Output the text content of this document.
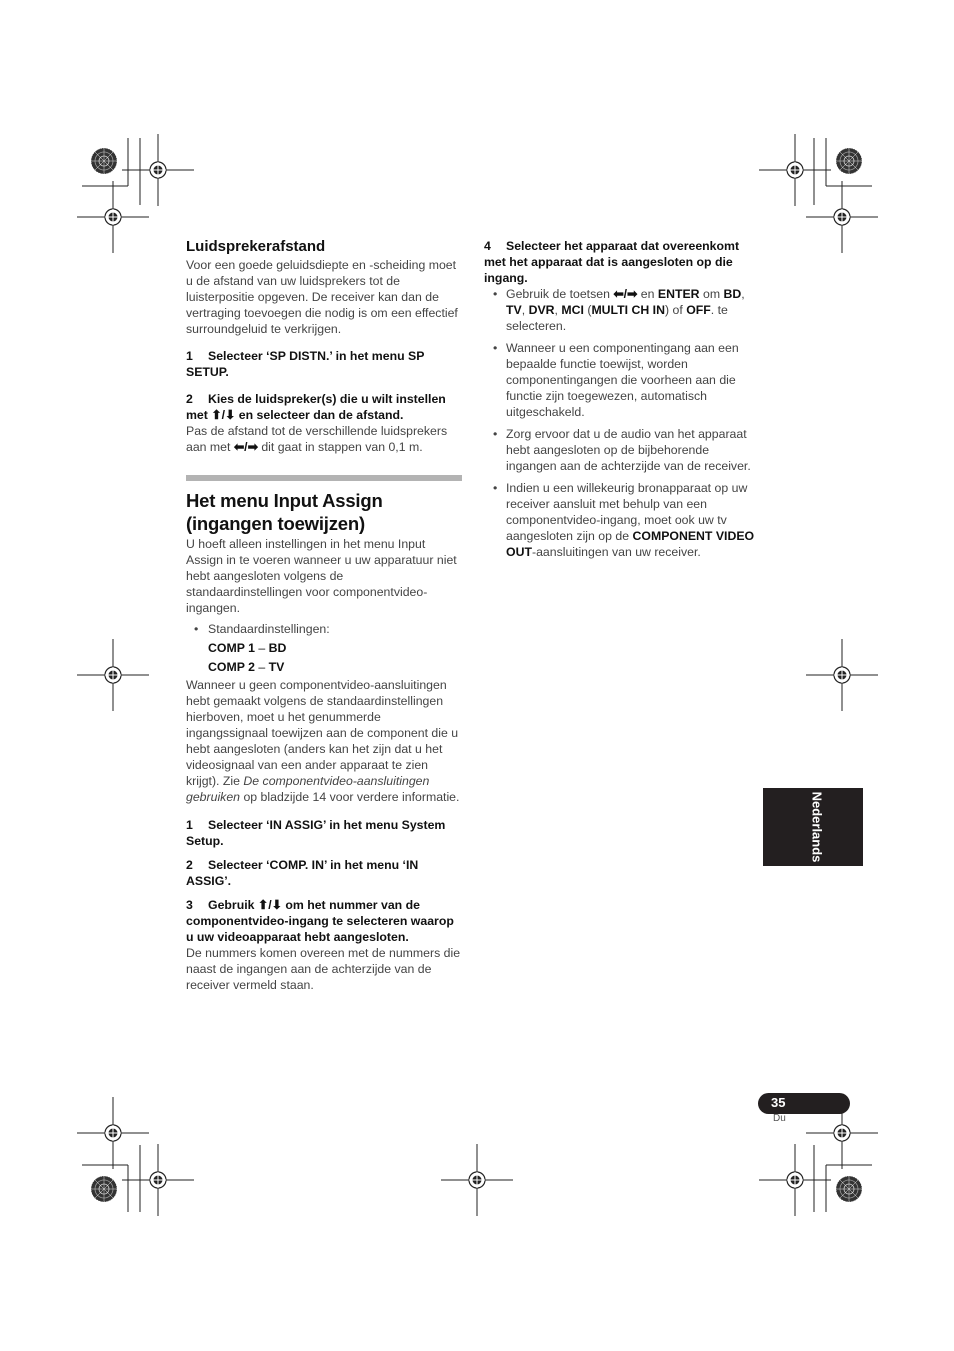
Luidsprekerafstand

Voor een goede geluidsdiepte en -scheiding moet u de afstand van uw luidsprekers tot de luisterpositie opgeven. De receiver kan dan de vertraging toevoegen die nodig is om een effectief surroundgeluid te verkrijgen.

1 Selecteer ‘SP DISTN.’ in het menu SP SETUP.

2 Kies de luidspreker(s) die u wilt instellen met ⬆/⬇ en selecteer dan de afstand.

Pas de afstand tot de verschillende luidsprekers aan met ⬅/➡ dit gaat in stappen van 0,1 m.

Het menu Input Assign (ingangen toewijzen)

U hoeft alleen instellingen in het menu Input Assign in te voeren wanneer u uw apparatuur niet hebt aangesloten volgens de standaardinstellingen voor componentvideo-ingangen.

• Standaardinstellingen:

COMP 1 – BD
COMP 2 – TV

Wanneer u geen componentvideo-aansluitingen hebt gemaakt volgens de standaardinstellingen hierboven, moet u het genummerde ingangssignaal toewijzen aan de component die u hebt aangesloten (anders kan het zijn dat u het videosignaal van een ander apparaat te zien krijgt). Zie De componentvideo-aansluitingen gebruiken op bladzijde 14 voor verdere informatie.

1 Selecteer ‘IN ASSIG’ in het menu System Setup.

2 Selecteer ‘COMP. IN’ in het menu ‘IN ASSIG’.

3 Gebruik ⬆/⬇ om het nummer van de componentvideo-ingang te selecteren waarop u uw videoapparaat hebt aangesloten.

De nummers komen overeen met de nummers die naast de ingangen aan de achterzijde van de receiver vermeld staan.

4 Selecteer het apparaat dat overeenkomt met het apparaat dat is aangesloten op die ingang.

• Gebruik de toetsen ⬅/➡ en ENTER om BD, TV, DVR, MCI (MULTI CH IN) of OFF. te selecteren.

• Wanneer u een componentingang aan een bepaalde functie toewijst, worden componentingangen die voorheen aan die functie zijn toegewezen, automatisch uitgeschakeld.

• Zorg ervoor dat u de audio van het apparaat hebt aangesloten op de bijbehorende ingangen aan de achterzijde van de receiver.

• Indien u een willekeurig bronapparaat op uw receiver aansluit met behulp van een componentvideo-ingang, moet ook uw tv aangesloten zijn op de COMPONENT VIDEO OUT-aansluitingen van uw receiver.

Nederlands
35
Du
